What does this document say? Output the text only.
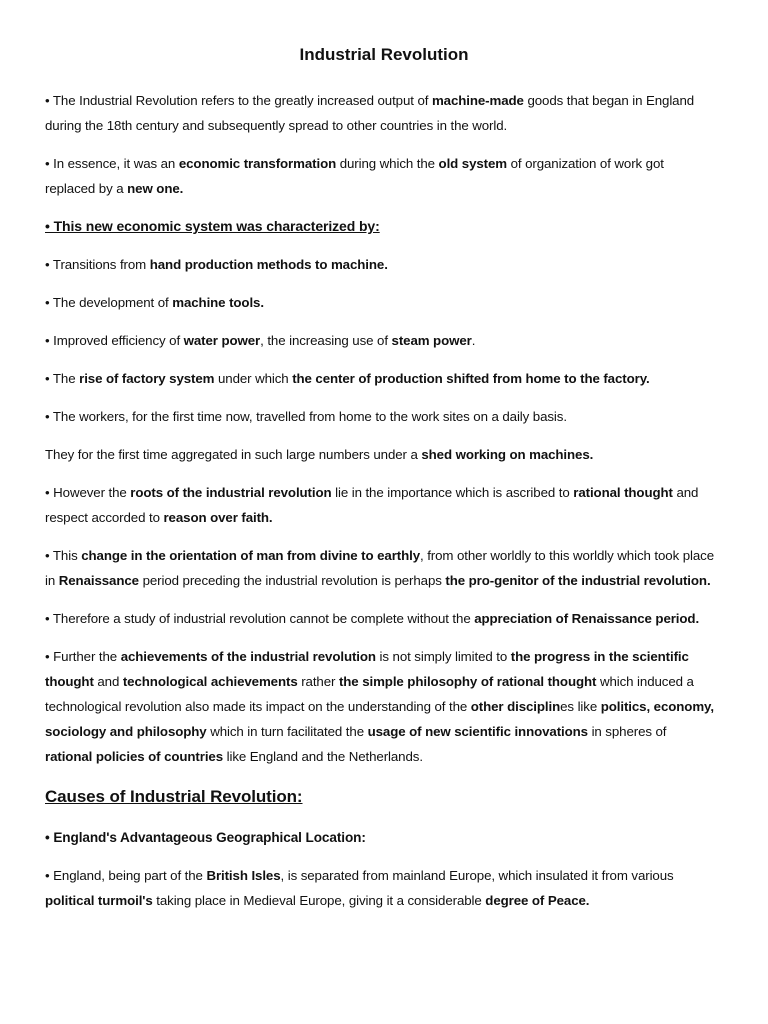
Industrial Revolution

• The Industrial Revolution refers to the greatly increased output of machine-made goods that began in England during the 18th century and subsequently spread to other countries in the world.

• In essence, it was an economic transformation during which the old system of organization of work got replaced by a new one.

• This new economic system was characterized by:

• Transitions from hand production methods to machine.

• The development of machine tools.

• Improved efficiency of water power, the increasing use of steam power.

• The rise of factory system under which the center of production shifted from home to the factory.

• The workers, for the first time now, travelled from home to the work sites on a daily basis.

They for the first time aggregated in such large numbers under a shed working on machines.

• However the roots of the industrial revolution lie in the importance which is ascribed to rational thought and respect accorded to reason over faith.

• This change in the orientation of man from divine to earthly, from other worldly to this worldly which took place in Renaissance period preceding the industrial revolution is perhaps the pro-genitor of the industrial revolution.

• Therefore a study of industrial revolution cannot be complete without the appreciation of Renaissance period.

• Further the achievements of the industrial revolution is not simply limited to the progress in the scientific thought and technological achievements rather the simple philosophy of rational thought which induced a technological revolution also made its impact on the understanding of the other disciplines like politics, economy, sociology and philosophy which in turn facilitated the usage of new scientific innovations in spheres of rational policies of countries like England and the Netherlands.

Causes of Industrial Revolution:

• England's Advantageous Geographical Location:

• England, being part of the British Isles, is separated from mainland Europe, which insulated it from various political turmoil's taking place in Medieval Europe, giving it a considerable degree of Peace.
